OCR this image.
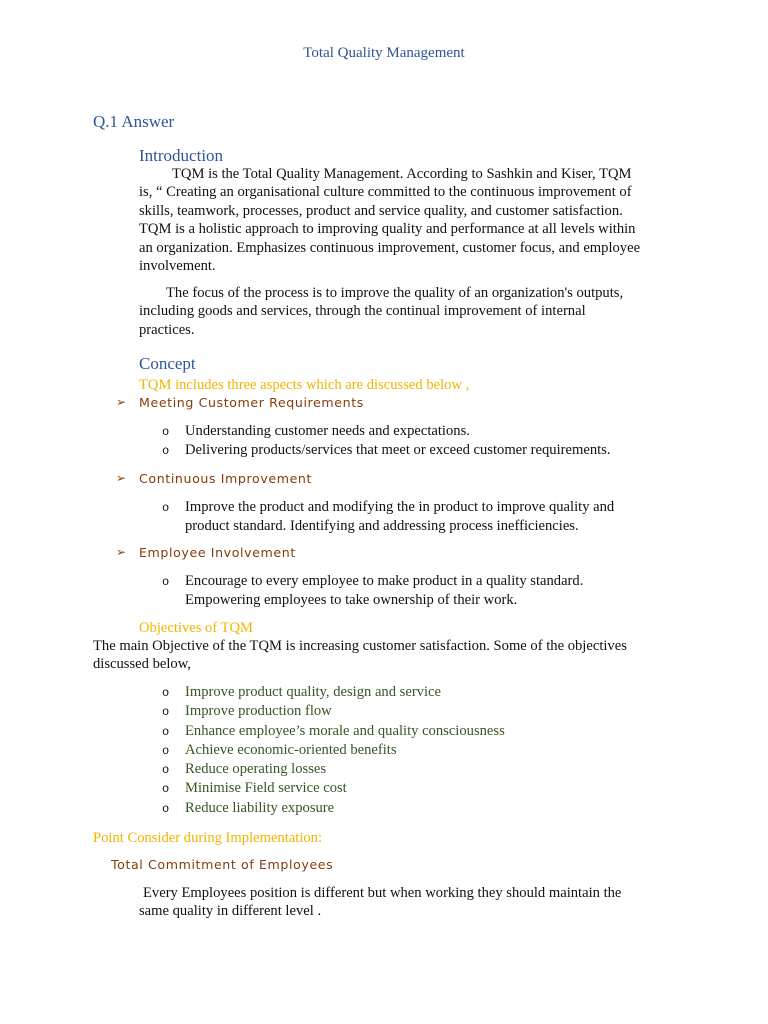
Total Quality Management
Q.1 Answer
Introduction
TQM is the Total Quality Management. According to Sashkin and Kiser, TQM
is, “ Creating an organisational culture committed to the continuous improvement of
skills, teamwork, processes, product and service quality, and customer satisfaction.
TQM is a holistic approach to improving quality and performance at all levels within
an organization. Emphasizes continuous improvement, customer focus, and employee
involvement.
The focus of the process is to improve the quality of an organization's outputs,
including goods and services, through the continual improvement of internal
practices.
Concept
TQM includes three aspects which are discussed below ,
➢ Meeting Customer Requirements
o Understanding customer needs and expectations.
o Delivering products/services that meet or exceed customer requirements.
➢ Continuous Improvement
o Improve the product and modifying the in product to improve quality and
product standard. Identifying and addressing process inefficiencies.
➢ Employee Involvement
o Encourage to every employee to make product in a quality standard.
Empowering employees to take ownership of their work.
Objectives of TQM
The main Objective of the TQM is increasing customer satisfaction. Some of the objectives
discussed below,
o Improve product quality, design and service
o Improve production flow
o Enhance employee’s morale and quality consciousness
o Achieve economic-oriented benefits
o Reduce operating losses
o Minimise Field service cost
o Reduce liability exposure
Point Consider during Implementation:
Total Commitment of Employees
Every Employees position is different but when working they should maintain the
same quality in different level .
